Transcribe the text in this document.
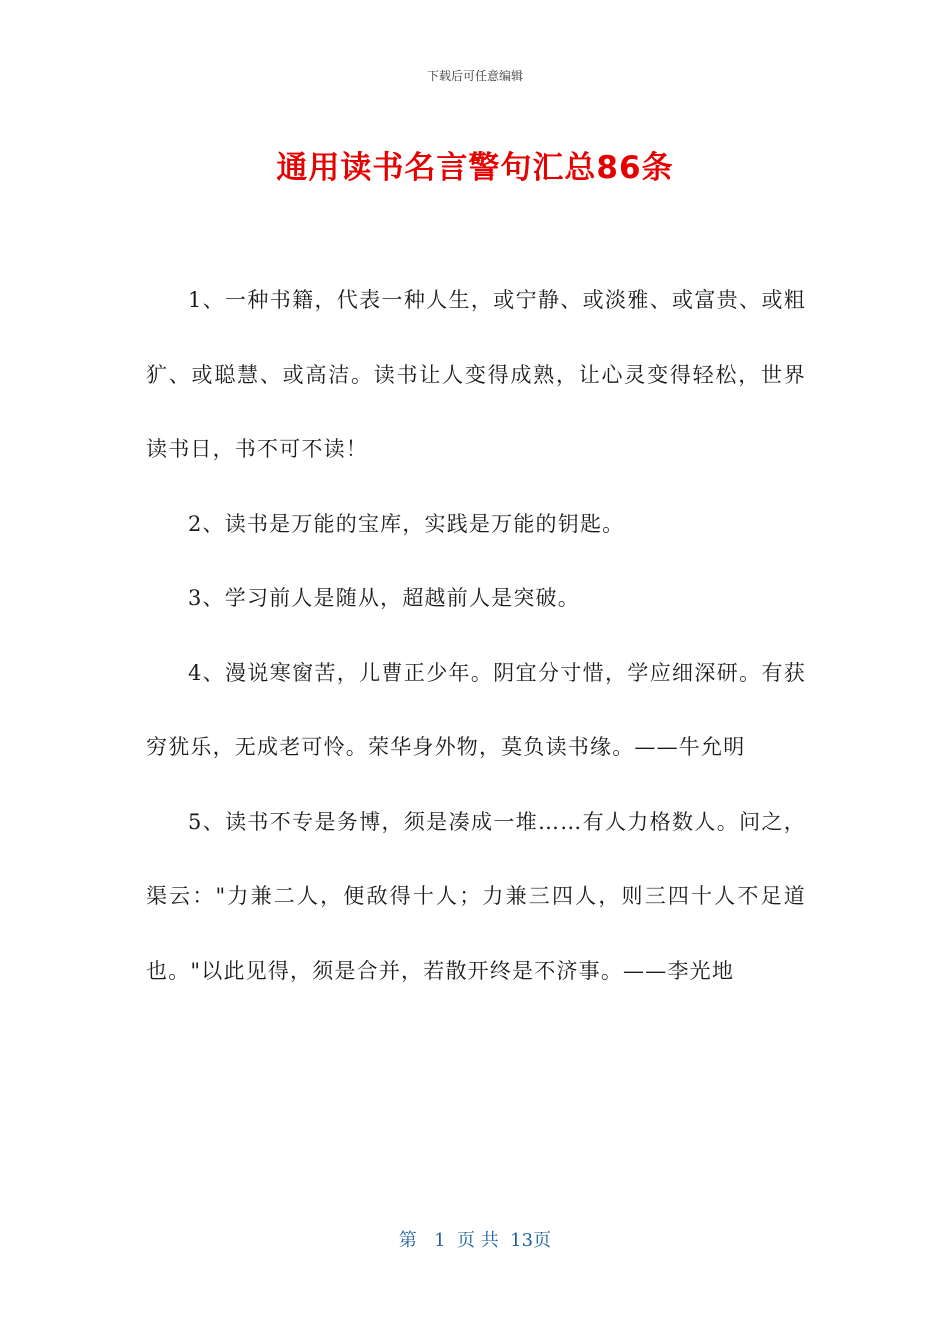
下载后可任意编辑
通用读书名言警句汇总86条

1、一种书籍，代表一种人生，或宁静、或淡雅、或富贵、或粗犷、或聪慧、或高洁。读书让人变得成熟，让心灵变得轻松，世界读书日，书不可不读！

2、读书是万能的宝库，实践是万能的钥匙。

3、学习前人是随从，超越前人是突破。

4、漫说寒窗苦，儿曹正少年。阴宜分寸惜，学应细深研。有获穷犹乐，无成老可怜。荣华身外物，莫负读书缘。——牛允明

5、读书不专是务博，须是凑成一堆……有人力格数人。问之，渠云："力兼二人，便敌得十人；力兼三四人，则三四十人不足道也。"以此见得，须是合并，若散开终是不济事。——李光地

第 1 页 共 13页
